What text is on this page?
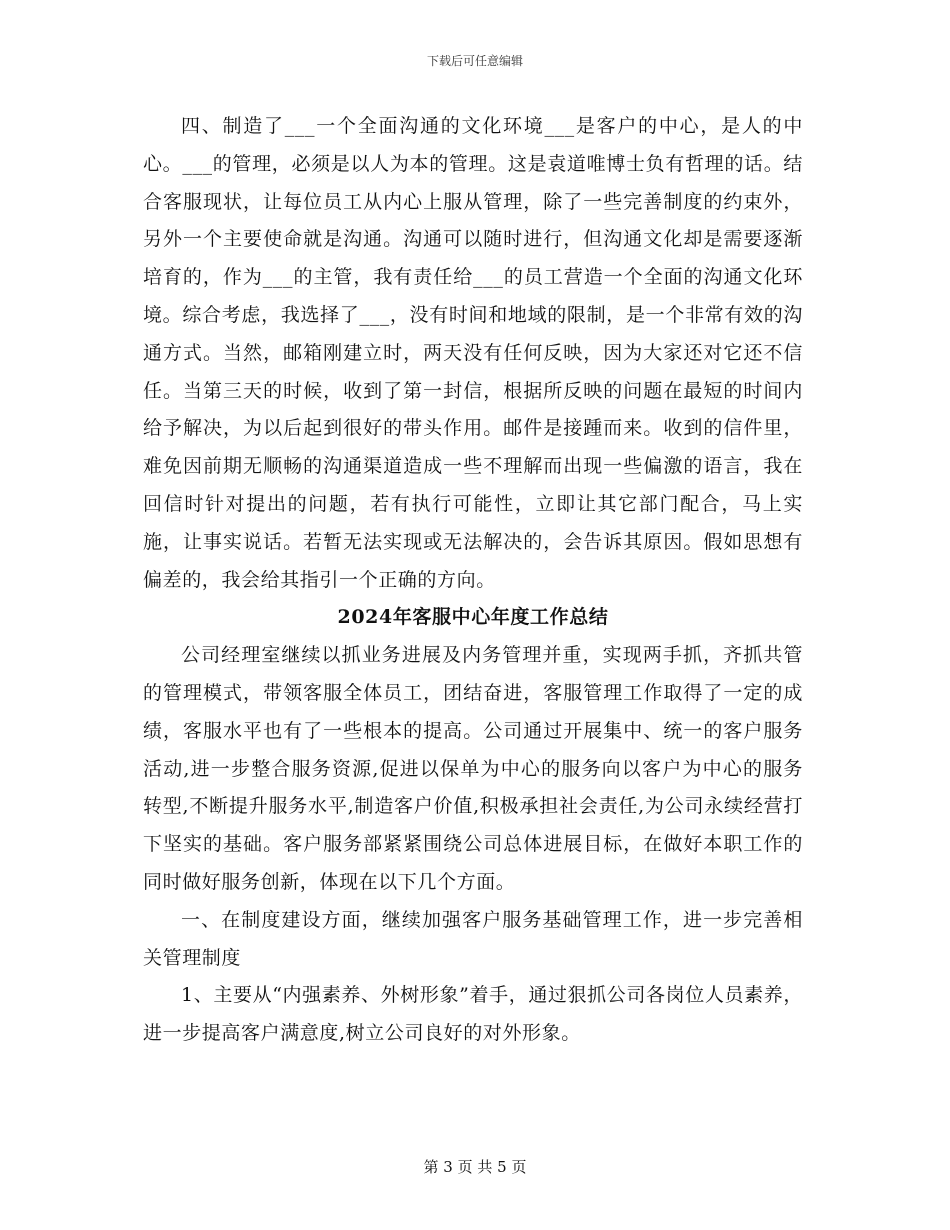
下载后可任意编辑

四、制造了___一个全面沟通的文化环境___是客户的中心，是人的中心。___的管理，必须是以人为本的管理。这是袁道唯博士负有哲理的话。结合客服现状，让每位员工从内心上服从管理，除了一些完善制度的约束外，另外一个主要使命就是沟通。沟通可以随时进行，但沟通文化却是需要逐渐培育的，作为___的主管，我有责任给___的员工营造一个全面的沟通文化环境。综合考虑，我选择了___，没有时间和地域的限制，是一个非常有效的沟通方式。当然，邮箱刚建立时，两天没有任何反映，因为大家还对它还不信任。当第三天的时候，收到了第一封信，根据所反映的问题在最短的时间内给予解决，为以后起到很好的带头作用。邮件是接踵而来。收到的信件里，难免因前期无顺畅的沟通渠道造成一些不理解而出现一些偏激的语言，我在回信时针对提出的问题，若有执行可能性，立即让其它部门配合，马上实施，让事实说话。若暂无法实现或无法解决的，会告诉其原因。假如思想有偏差的，我会给其指引一个正确的方向。

2024年客服中心年度工作总结

公司经理室继续以抓业务进展及内务管理并重，实现两手抓，齐抓共管的管理模式，带领客服全体员工，团结奋进，客服管理工作取得了一定的成绩，客服水平也有了一些根本的提高。公司通过开展集中、统一的客户服务活动,进一步整合服务资源,促进以保单为中心的服务向以客户为中心的服务转型,不断提升服务水平,制造客户价值,积极承担社会责任,为公司永续经营打下坚实的基础。客户服务部紧紧围绕公司总体进展目标，在做好本职工作的同时做好服务创新，体现在以下几个方面。

一、在制度建设方面，继续加强客户服务基础管理工作，进一步完善相关管理制度

1、主要从“内强素养、外树形象”着手，通过狠抓公司各岗位人员素养，进一步提高客户满意度,树立公司良好的对外形象。

第 3 页 共 5 页
